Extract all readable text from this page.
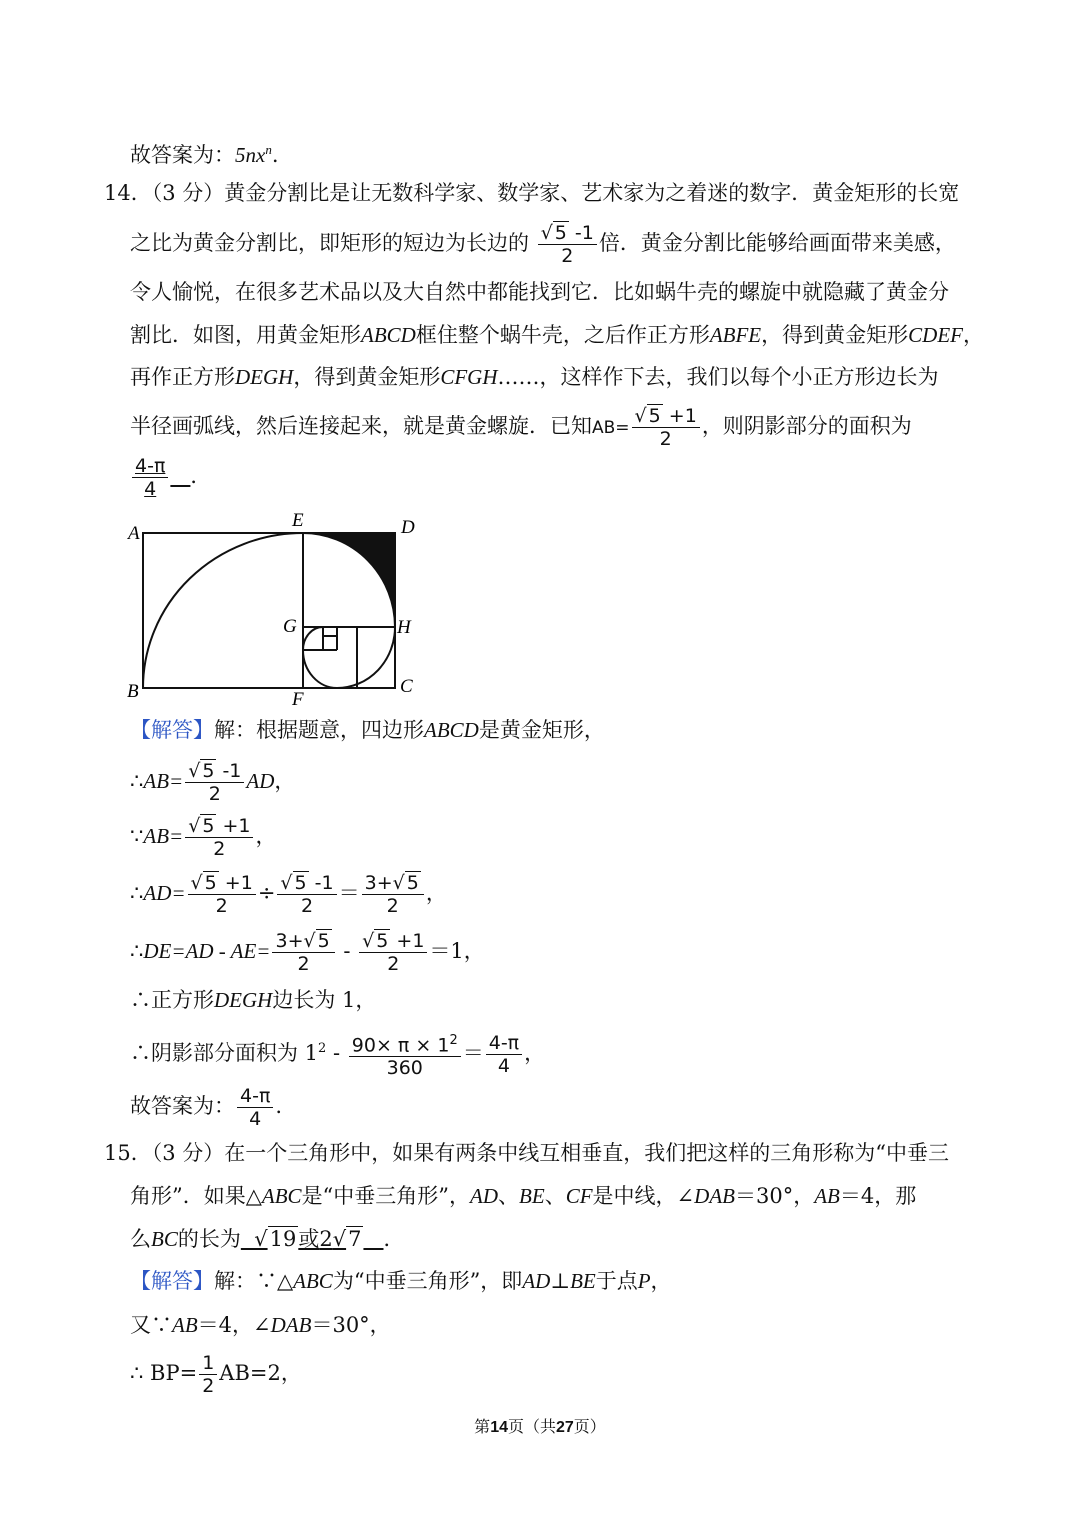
故答案为：$5nx^n$.
14．（3 分）黄金分割比是让无数科学家、数学家、艺术家为之着迷的数字．黄金矩形的长宽
之比为黄金分割比，即矩形的短边为长边的 $\frac{√ 5 -1}{2}$ 倍．黄金分割比能够给画面带来美感，
令人愉悦，在很多艺术品以及大自然中都能找到它．比如蜗牛壳的螺旋中就隐藏了黄金分
割比．如图，用黄金矩形ABCD框住整个蜗牛壳，之后作正方形ABFE，得到黄金矩形CDEF，
再作正方形DEGH，得到黄金矩形CFGH……，这样作下去，我们以每个小正方形边长为
半径画弧线，然后连接起来，就是黄金螺旋．已知$AB= \frac{√ 5 +1}{2}$ ，则阴影部分的面积为
$\frac{4-\pi}{4}$ ．
A
B	C
D
E
F
G	H
【解答】解：根据题意，四边形ABCD是黄金矩形，
∴AB= $\frac{√ 5 -1}{2}$ AD，
∵AB= $\frac{√ 5 +1}{2}$ ，
∴AD= $\frac{√ 5 +1}{2} \div \frac{√ 5 -1}{2} = \frac{3+√ 5}{2}$ ，
∴DE=AD - $AE= \frac{3+√ 5}{2} - \frac{√ 5 +1}{2} =1$，
∴正方形DEGH边长为 1，
∴阴影部分面积为 $1^2 - \frac{90\times \pi \times 1^2}{360} = \frac{4-\pi}{4}$ ，
故答案为： $\frac{4-\pi}{4}$ .
15．（3 分）在一个三角形中，如果有两条中线互相垂直，我们把这样的三角形称为“中垂三
角形”．如果△ABC是“中垂三角形”，AD、BE、CF是中线，∠DAB＝30°，AB＝4，那
么BC的长为  √19或2√7 ．
【解答】解：∵△ABC为“中垂三角形”，即AD⊥BE于点P，
又∵AB＝4，∠DAB＝30°，
∴ $BP= \frac{1}{2} AB=2$，
第14页（共27页）
